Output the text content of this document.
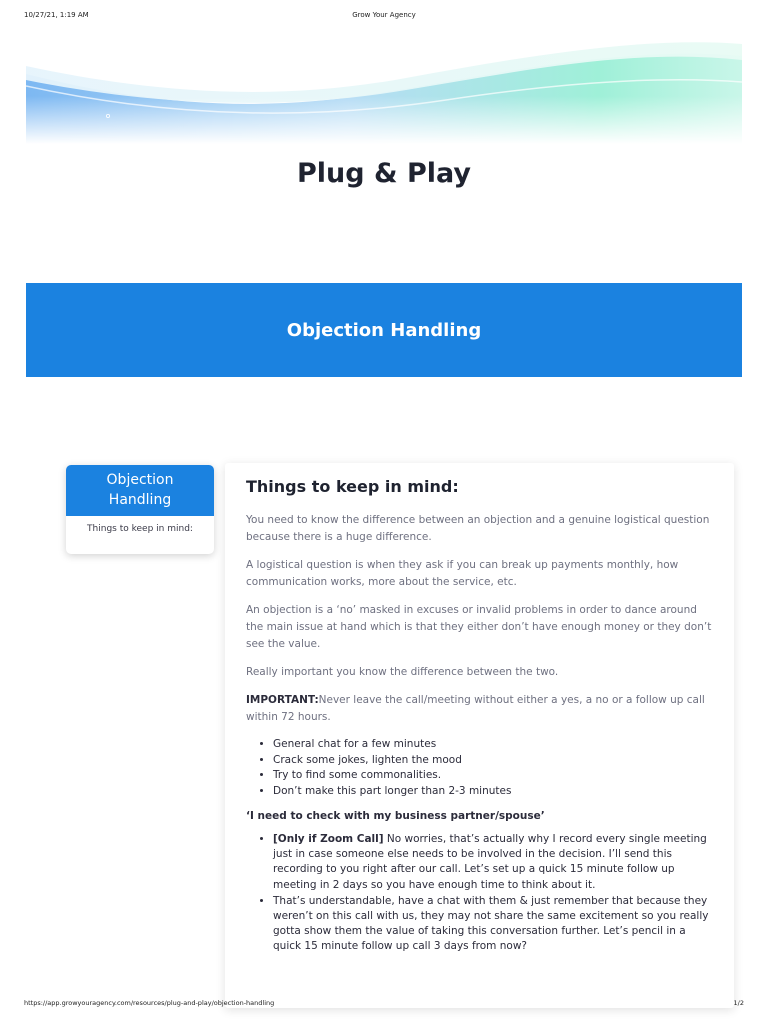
10/27/21, 1:19 AM	Grow Your Agency
Plug & Play
Objection Handling
Objection Handling
Things to keep in mind:
Things to keep in mind:

You need to know the difference between an objection and a genuine logistical question because there is a huge difference.

A logistical question is when they ask if you can break up payments monthly, how communication works, more about the service, etc.

An objection is a ‘no’ masked in excuses or invalid problems in order to dance around the main issue at hand which is that they either don’t have enough money or they don’t see the value.

Really important you know the difference between the two.

IMPORTANT:Never leave the call/meeting without either a yes, a no or a follow up call within 72 hours.

• General chat for a few minutes
• Crack some jokes, lighten the mood
• Try to find some commonalities.
• Don’t make this part longer than 2-3 minutes

‘I need to check with my business partner/spouse’

• [Only if Zoom Call] No worries, that’s actually why I record every single meeting just in case someone else needs to be involved in the decision. I’ll send this recording to you right after our call. Let’s set up a quick 15 minute follow up meeting in 2 days so you have enough time to think about it.
• That’s understandable, have a chat with them & just remember that because they weren’t on this call with us, they may not share the same excitement so you really gotta show them the value of taking this conversation further. Let’s pencil in a quick 15 minute follow up call 3 days from now?
https://app.growyouragency.com/resources/plug-and-play/objection-handling	1/2
